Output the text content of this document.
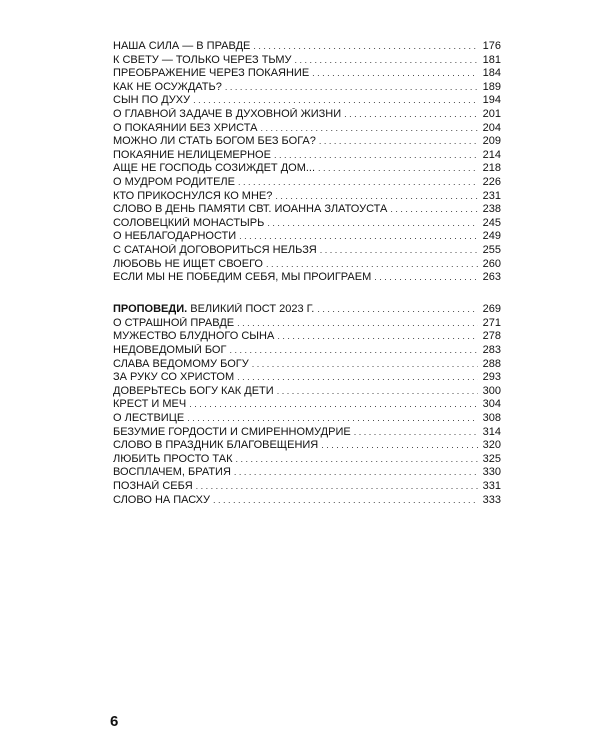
НАША СИЛА — В ПРАВДЕ . . .	176
К СВЕТУ — ТОЛЬКО ЧЕРЕЗ ТЬМУ . . .	181
ПРЕОБРАЖЕНИЕ ЧЕРЕЗ ПОКАЯНИЕ . . .	184
КАК НЕ ОСУЖДАТЬ? . . .	189
СЫН ПО ДУХУ . . .	194
О ГЛАВНОЙ ЗАДАЧЕ В ДУХОВНОЙ ЖИЗНИ . . .	201
О ПОКАЯНИИ БЕЗ ХРИСТА . . .	204
МОЖНО ЛИ СТАТЬ БОГОМ БЕЗ БОГА? . . .	209
ПОКАЯНИЕ НЕЛИЦЕМЕРНОЕ . . .	214
АЩЕ НЕ ГОСПОДЬ СОЗИЖДЕТ ДОМ... . . .	218
О МУДРОМ РОДИТЕЛЕ . . .	226
КТО ПРИКОСНУЛСЯ КО МНЕ? . . .	231
СЛОВО В ДЕНЬ ПАМЯТИ СВТ. ИОАННА ЗЛАТОУСТА . . .	238
СОЛОВЕЦКИЙ МОНАСТЫРЬ . . .	245
О НЕБЛАГОДАРНОСТИ . . .	249
С САТАНОЙ ДОГОВОРИТЬСЯ НЕЛЬЗЯ . . .	255
ЛЮБОВЬ НЕ ИЩЕТ СВОЕГО . . .	260
ЕСЛИ МЫ НЕ ПОБЕДИМ СЕБЯ, МЫ ПРОИГРАЕМ . . .	263
ПРОПОВЕДИ. ВЕЛИКИЙ ПОСТ 2023 Г. . . .	269
О СТРАШНОЙ ПРАВДЕ . . .	271
МУЖЕСТВО БЛУДНОГО СЫНА . . .	278
НЕДОВЕДОМЫЙ БОГ . . .	283
СЛАВА ВЕДОМОМУ БОГУ . . .	288
ЗА РУКУ СО ХРИСТОМ . . .	293
ДОВЕРЬТЕСЬ БОГУ КАК ДЕТИ . . .	300
КРЕСТ И МЕЧ . . .	304
О ЛЕСТВИЦЕ . . .	308
БЕЗУМИЕ ГОРДОСТИ И СМИРЕННОМУДРИЕ . . .	314
СЛОВО В ПРАЗДНИК БЛАГОВЕЩЕНИЯ . . .	320
ЛЮБИТЬ ПРОСТО ТАК . . .	325
ВОСПЛАЧЕМ, БРАТИЯ . . .	330
ПОЗНАЙ СЕБЯ . . .	331
СЛОВО НА ПАСХУ . . .	333
6
